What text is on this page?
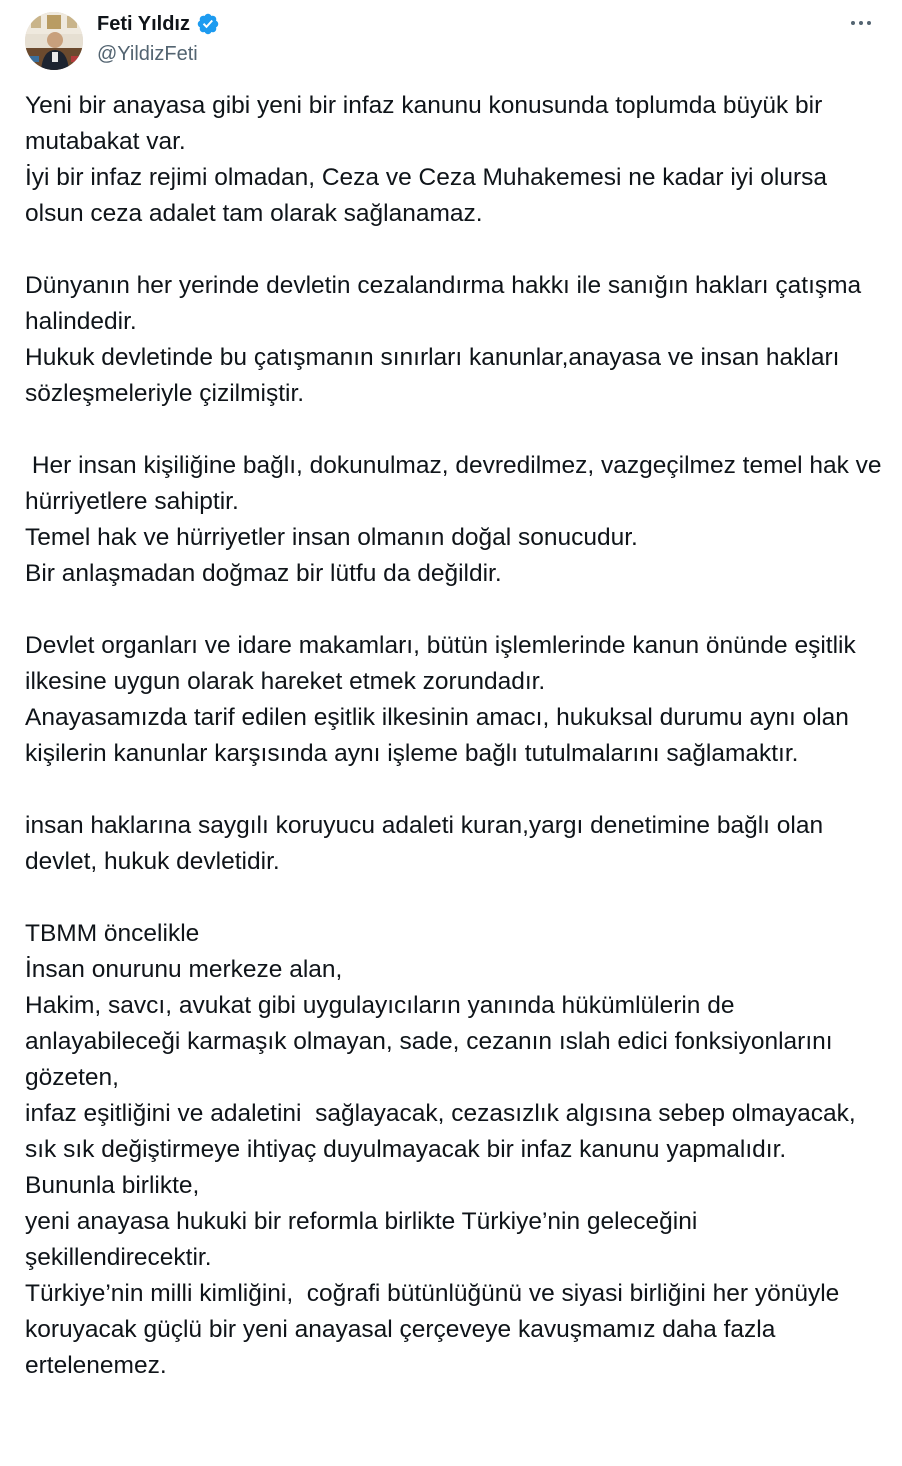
Feti Yıldız
@YildizFeti

Yeni bir anayasa gibi yeni bir infaz kanunu konusunda toplumda büyük bir mutabakat var.

İyi bir infaz rejimi olmadan, Ceza ve Ceza Muhakemesi ne kadar iyi olursa olsun ceza adalet tam olarak sağlanamaz.

Dünyanın her yerinde devletin cezalandırma hakkı ile sanığın hakları çatışma halindedir.

Hukuk devletinde bu çatışmanın sınırları kanunlar,anayasa ve insan hakları sözleşmeleriyle çizilmiştir.

Her insan kişiliğine bağlı, dokunulmaz, devredilmez, vazgeçilmez temel hak ve hürriyetlere sahiptir.

Temel hak ve hürriyetler insan olmanın doğal sonucudur.

Bir anlaşmadan doğmaz bir lütfu da değildir.

Devlet organları ve idare makamları, bütün işlemlerinde kanun önünde eşitlik ilkesine uygun olarak hareket etmek zorundadır.

Anayasamızda tarif edilen eşitlik ilkesinin amacı, hukuksal durumu aynı olan kişilerin kanunlar karşısında aynı işleme bağlı tutulmalarını sağlamaktır.

insan haklarına saygılı koruyucu adaleti kuran,yargı denetimine bağlı olan devlet, hukuk devletidir.

TBMM öncelikle

İnsan onurunu merkeze alan,

Hakim, savcı, avukat gibi uygulayıcıların yanında hükümlülerin de anlayabileceği karmaşık olmayan, sade, cezanın ıslah edici fonksiyonlarını gözeten,

infaz eşitliğini ve adaletini  sağlayacak, cezasızlık algısına sebep olmayacak,

sık sık değiştirmeye ihtiyaç duyulmayacak bir infaz kanunu yapmalıdır.

Bununla birlikte,

yeni anayasa hukuki bir reformla birlikte Türkiye’nin geleceğini şekillendirecektir.

Türkiye’nin milli kimliğini,  coğrafi bütünlüğünü ve siyasi birliğini her yönüyle koruyacak güçlü bir yeni anayasal çerçeveye kavuşmamız daha fazla ertelenemez.
